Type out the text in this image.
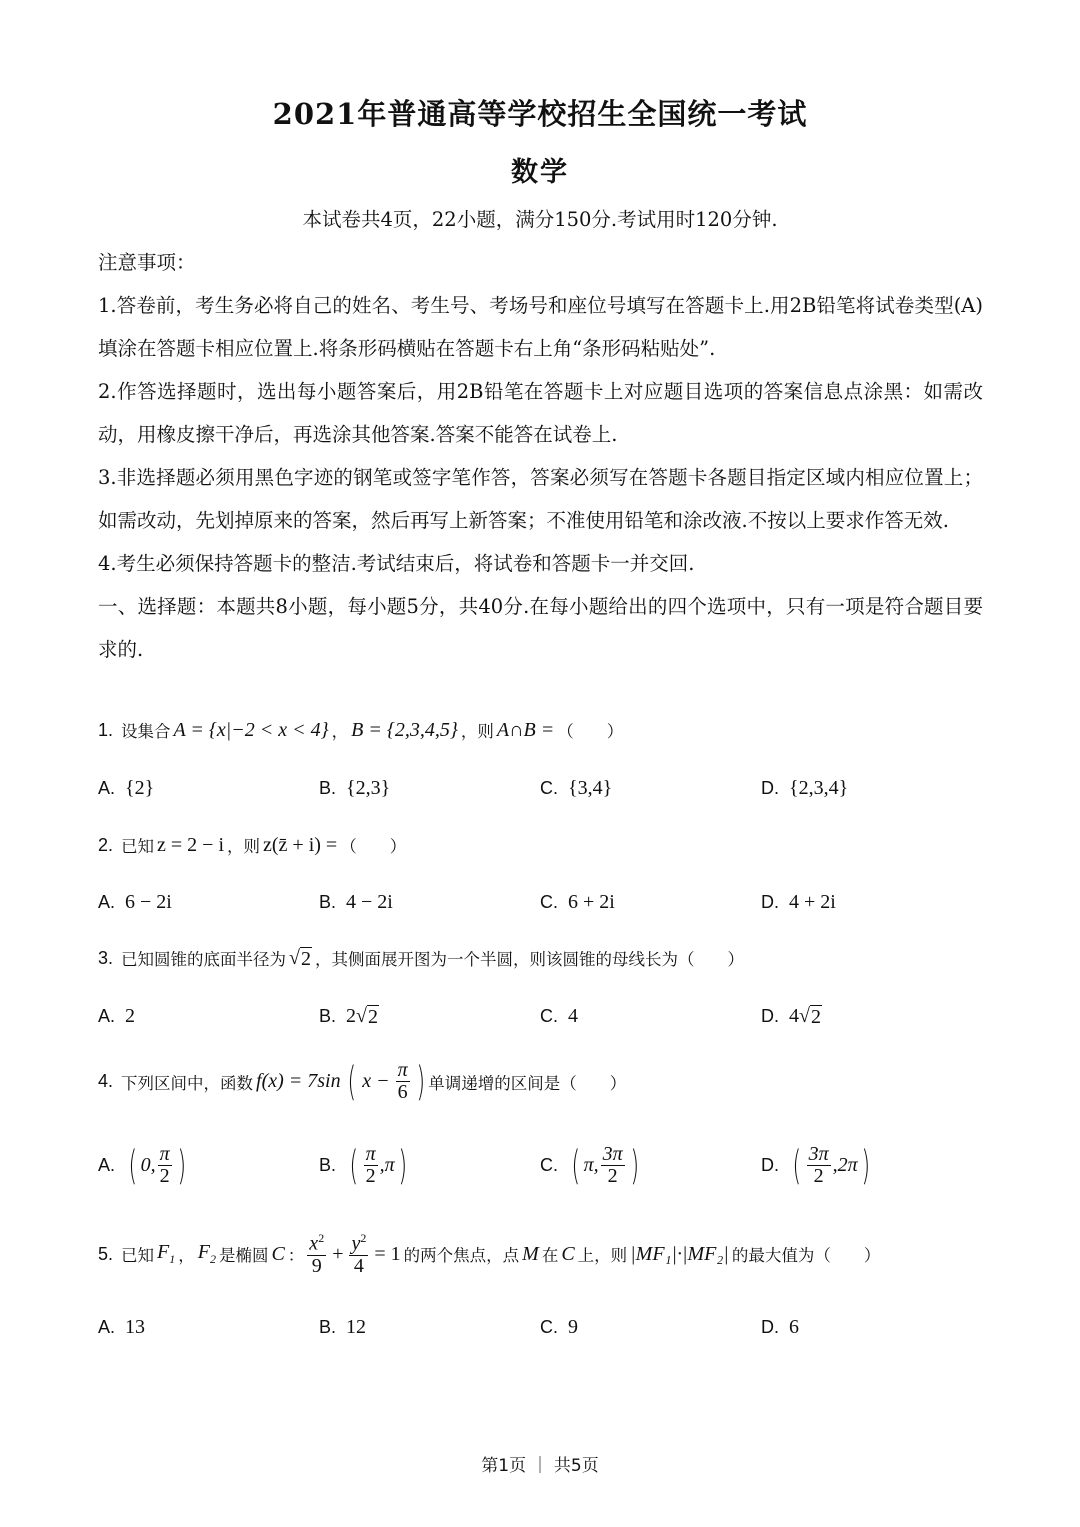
2021年普通高等学校招生全国统一考试
数学
本试卷共4页，22小题，满分150分.考试用时120分钟.
注意事项：
1.答卷前，考生务必将自己的姓名、考生号、考场号和座位号填写在答题卡上.用2B铅笔将试卷类型(A)填涂在答题卡相应位置上.将条形码横贴在答题卡右上角“条形码粘贴处”.
2.作答选择题时，选出每小题答案后，用2B铅笔在答题卡上对应题目选项的答案信息点涂黑：如需改动，用橡皮擦干净后，再选涂其他答案.答案不能答在试卷上.
3.非选择题必须用黑色字迹的钢笔或签字笔作答，答案必须写在答题卡各题目指定区域内相应位置上；如需改动，先划掉原来的答案，然后再写上新答案；不准使用铅笔和涂改液.不按以上要求作答无效.
4.考生必须保持答题卡的整洁.考试结束后，将试卷和答题卡一并交回.
一、选择题：本题共8小题，每小题5分，共40分.在每小题给出的四个选项中，只有一项是符合题目要求的.
1. 设集合 A = {x|−2 < x < 4} ， B = {2,3,4,5} ，则 A∩B = （　　）
A. {2}	B. {2,3}	C. {3,4}	D. {2,3,4}
2. 已知 z = 2 − i ，则 z(z̄ + i) = （　　）
A. 6 − 2i	B. 4 − 2i	C. 6 + 2i	D. 4 + 2i
3. 已知圆锥的底面半径为 √ 2 ，其侧面展开图为一个半圆，则该圆锥的母线长为 （　　）
A. 2	B. 2 √ 2	C. 4	D. 4 √ 2
4. 下列区间中，函数 f(x) = 7sin ( $x - \frac{\pi}{6}$ ) 单调递增的区间是 （　　）
A. ( 0, $\frac{\pi}{2}$ )	B. ( $\frac{\pi}{2} ,\pi$ )	C. ( π, $\frac{3\pi}{2}$ )	D. ( $\frac{3\pi}{2} ,2\pi$ )
5. 已知 $F_1$ ， $F_2$ 是椭圆 C ： $\frac{x^2}{9} + \frac{y^2}{4} = 1$ 的两个焦点，点 M 在 C 上，则 |MF₁|·|MF₂| 的最大值为 （　　）
A. 13	B. 12	C. 9	D. 6
第1页 ｜ 共5页
